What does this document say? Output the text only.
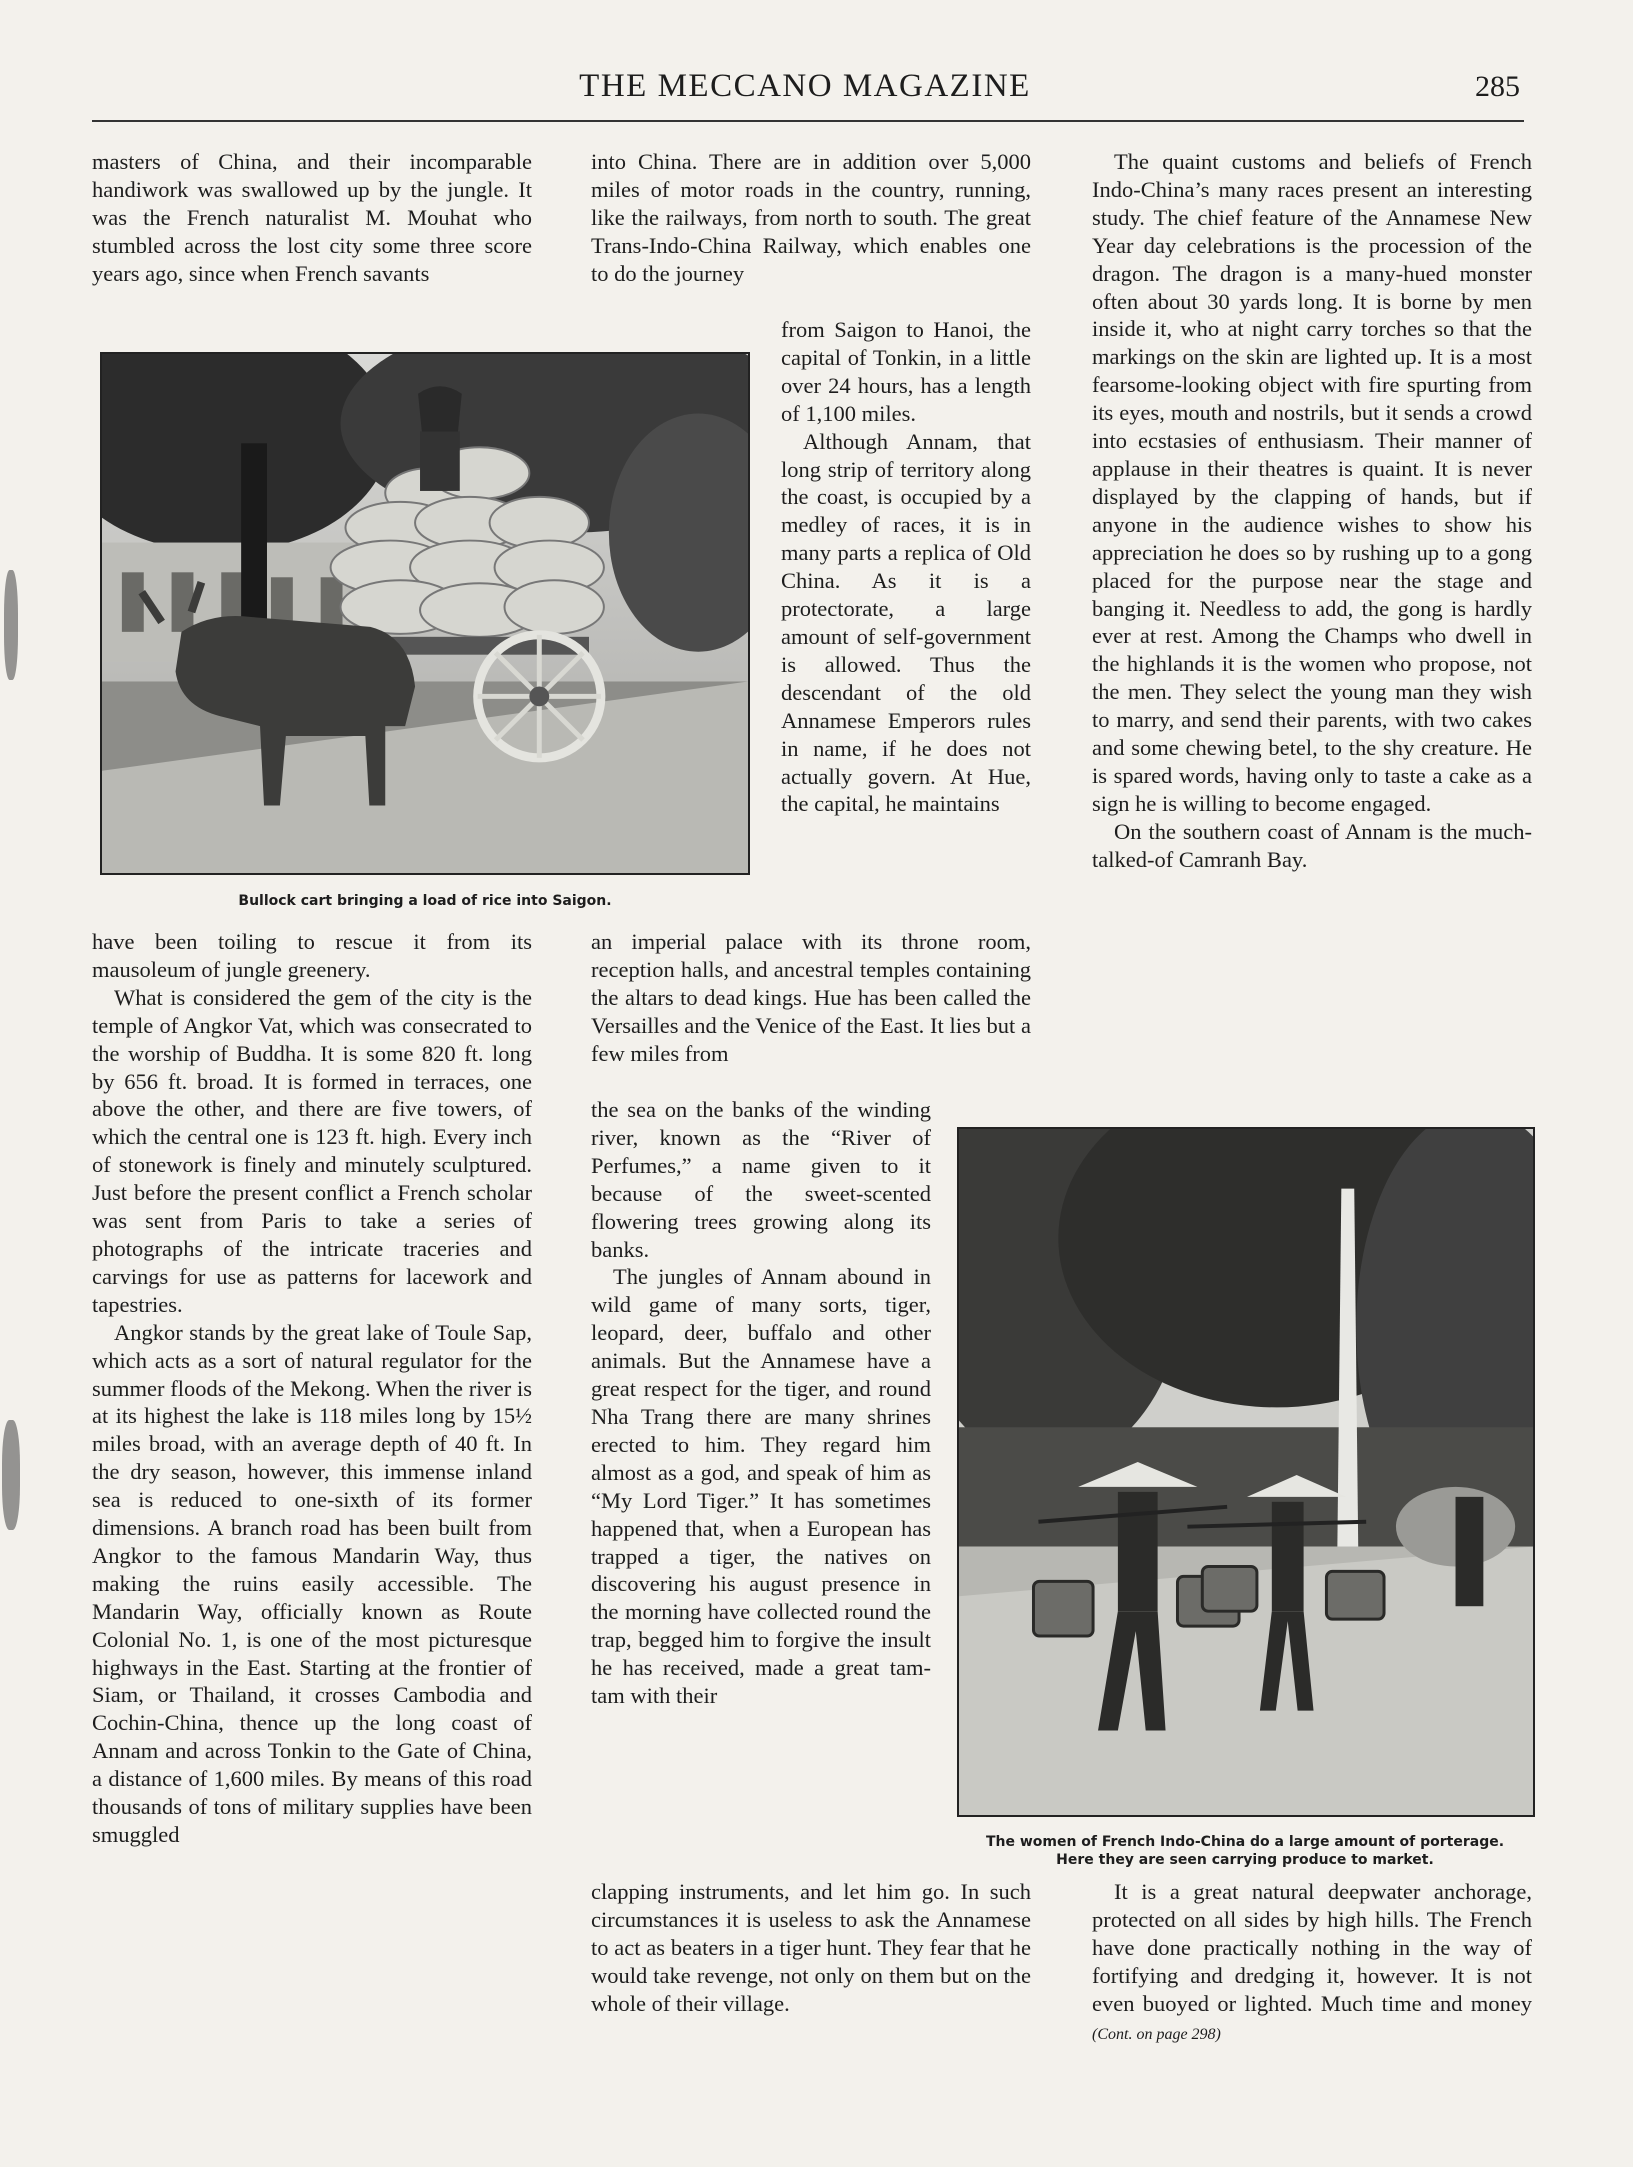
THE MECCANO MAGAZINE	285

masters of China, and their incomparable handiwork was swallowed up by the jungle. It was the French naturalist M. Mouhat who stumbled across the lost city some three score years ago, since when French savants

Bullock cart bringing a load of rice into Saigon.

have been toiling to rescue it from its mausoleum of jungle greenery.

What is considered the gem of the city is the temple of Angkor Vat, which was consecrated to the worship of Buddha. It is some 820 ft. long by 656 ft. broad. It is formed in terraces, one above the other, and there are five towers, of which the central one is 123 ft. high. Every inch of stonework is finely and minutely sculptured. Just before the present conflict a French scholar was sent from Paris to take a series of photographs of the intricate traceries and carvings for use as patterns for lacework and tapestries.

Angkor stands by the great lake of Toule Sap, which acts as a sort of natural regulator for the summer floods of the Mekong. When the river is at its highest the lake is 118 miles long by 15½ miles broad, with an average depth of 40 ft. In the dry season, however, this immense inland sea is reduced to one-sixth of its former dimensions. A branch road has been built from Angkor to the famous Mandarin Way, thus making the ruins easily accessible. The Mandarin Way, officially known as Route Colonial No. 1, is one of the most picturesque highways in the East. Starting at the frontier of Siam, or Thailand, it crosses Cambodia and Cochin-China, thence up the long coast of Annam and across Tonkin to the Gate of China, a distance of 1,600 miles. By means of this road thousands of tons of military supplies have been smuggled

into China. There are in addition over 5,000 miles of motor roads in the country, running, like the railways, from north to south. The great Trans-Indo-China Railway, which enables one to do the journey

from Saigon to Hanoi, the capital of Tonkin, in a little over 24 hours, has a length of 1,100 miles.

Although Annam, that long strip of territory along the coast, is occupied by a medley of races, it is in many parts a replica of Old China. As it is a protectorate, a large amount of self-government is allowed. Thus the descendant of the old Annamese Emperors rules in name, if he does not actually govern. At Hue, the capital, he maintains

an imperial palace with its throne room, reception halls, and ancestral temples containing the altars to dead kings. Hue has been called the Versailles and the Venice of the East. It lies but a few miles from

the sea on the banks of the winding river, known as the “River of Perfumes,” a name given to it because of the sweet-scented flowering trees growing along its banks.

The jungles of Annam abound in wild game of many sorts, tiger, leopard, deer, buffalo and other animals. But the Annamese have a great respect for the tiger, and round Nha Trang there are many shrines erected to him. They regard him almost as a god, and speak of him as “My Lord Tiger.” It has sometimes happened that, when a European has trapped a tiger, the natives on discovering his august presence in the morning have collected round the trap, begged him to forgive the insult he has received, made a great tam-tam with their

clapping instruments, and let him go. In such circumstances it is useless to ask the Annamese to act as beaters in a tiger hunt. They fear that he would take revenge, not only on them but on the whole of their village.

The quaint customs and beliefs of French Indo-China’s many races present an interesting study. The chief feature of the Annamese New Year day celebrations is the procession of the dragon. The dragon is a many-hued monster often about 30 yards long. It is borne by men inside it, who at night carry torches so that the markings on the skin are lighted up. It is a most fearsome-looking object with fire spurting from its eyes, mouth and nostrils, but it sends a crowd into ecstasies of enthusiasm. Their manner of applause in their theatres is quaint. It is never displayed by the clapping of hands, but if anyone in the audience wishes to show his appreciation he does so by rushing up to a gong placed for the purpose near the stage and banging it. Needless to add, the gong is hardly ever at rest. Among the Champs who dwell in the highlands it is the women who propose, not the men. They select the young man they wish to marry, and send their parents, with two cakes and some chewing betel, to the shy creature. He is spared words, having only to taste a cake as a sign he is willing to become engaged.

On the southern coast of Annam is the much-talked-of Camranh Bay.

The women of French Indo-China do a large amount of porterage.
Here they are seen carrying produce to market.

It is a great natural deepwater anchorage, protected on all sides by high hills. The French have done practically nothing in the way of fortifying and dredging it, however. It is not even buoyed or lighted. Much time and money (Cont. on page 298)
